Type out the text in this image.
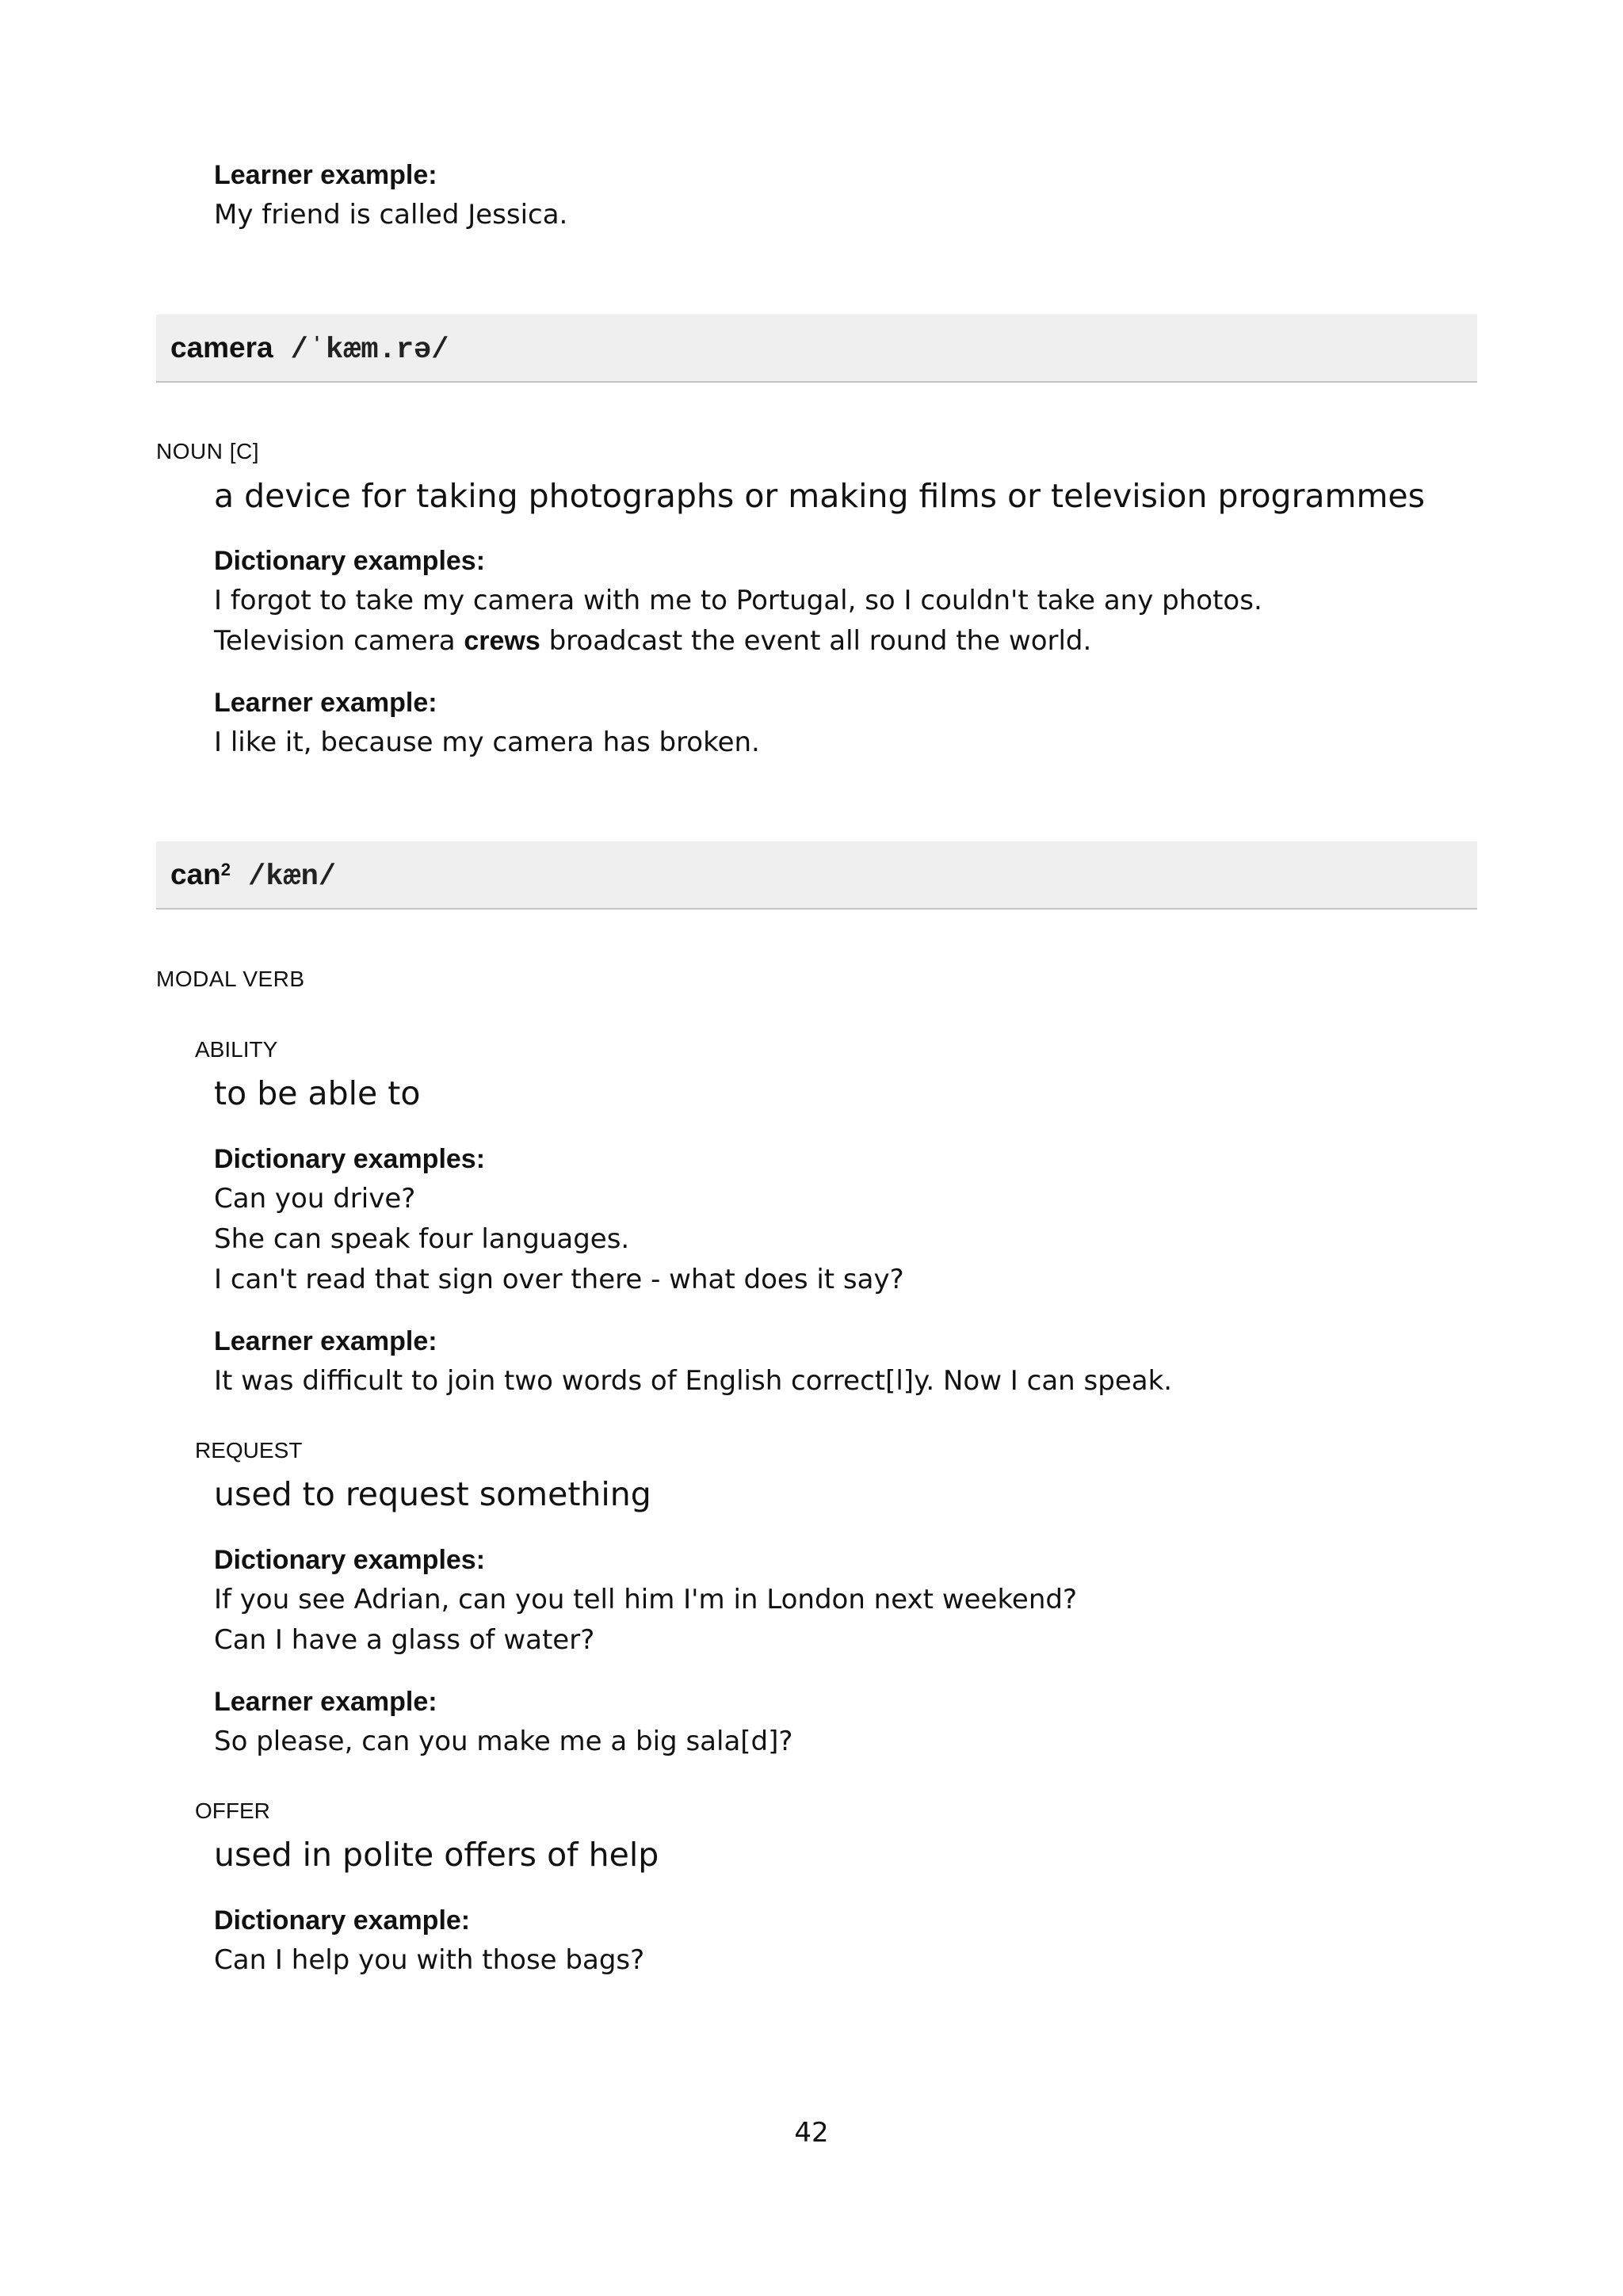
Learner example:

My friend is called Jessica.

camera /ˈkæm.rə/
NOUN [C]

a device for taking photographs or making films or television programmes

Dictionary examples:

I forgot to take my camera with me to Portugal, so I couldn't take any photos.

Television camera crews broadcast the event all round the world.

Learner example:

I like it, because my camera has broken.

can$^2$ /kæn/
MODAL VERB
ABILITY

to be able to

Dictionary examples:

Can you drive?

She can speak four languages.

I can't read that sign over there - what does it say?

Learner example:

It was difficult to join two words of English correct[l]y. Now I can speak.

REQUEST

used to request something

Dictionary examples:

If you see Adrian, can you tell him I'm in London next weekend?

Can I have a glass of water?

Learner example:

So please, can you make me a big sala[d]?

OFFER

used in polite offers of help

Dictionary example:

Can I help you with those bags?

42
